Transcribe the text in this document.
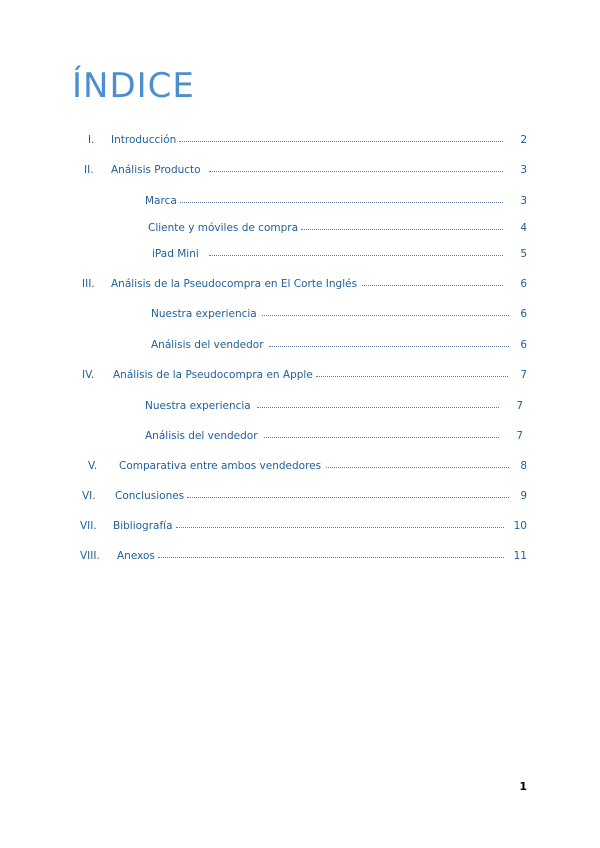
ÍNDICE
I. Introducción	2
II. Análisis Producto	3
Marca	3
Cliente y móviles de compra	4
iPad Mini	5
III. Análisis de la Pseudocompra en El Corte Inglés	6
Nuestra experiencia	6
Análisis del vendedor	6
IV. Análisis de la Pseudocompra en Apple	7
Nuestra experiencia	7
Análisis del vendedor	7
V. Comparativa entre ambos vendedores	8
VI. Conclusiones	9
VII. Bibliografía	10
VIII. Anexos	11
1
